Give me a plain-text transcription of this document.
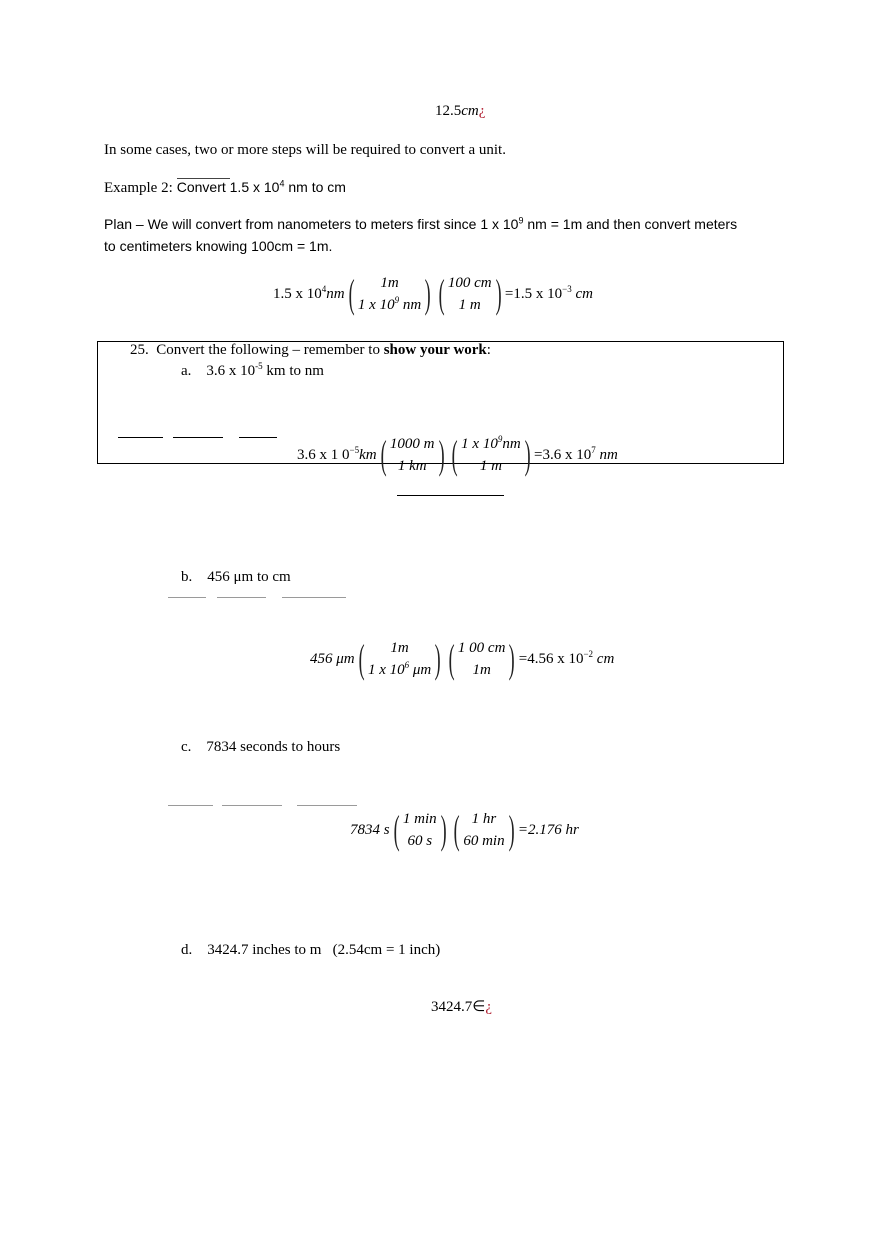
12.5cm¿
In some cases, two or more steps will be required to convert a unit.
Example 2: Convert 1.5 x $10^4$ nm to cm
Plan – We will convert from nanometers to meters first since 1 x $10^9$ nm = 1m and then convert meters
to centimeters knowing 100cm = 1m.
1.5 x $10^4$ nm ( 1m
1 x $10^9$ nm ) ( 100 cm
1 m ) =1.5 x $10^{-3}$ cm
25. Convert the following – remember to show your work:
a. 3.6 x $10^{-5}$ km to nm
3.6 x 1 $0^{-5}$ km ( 1000 m
1 km ) ( 1 x $10^9nm$
1 m ) =3.6 x $10^7$ nm
b. 456 μm to cm
456 μm ( 1m
1 x $10^6$ μm ) ( 1 00 cm
1m ) =4.56 x $10^{-2}$ cm
c. 7834 seconds to hours
7834 s ( 1 min
60 s ) ( 1 hr
60 min ) =2.176 hr
d. 3424.7 inches to m   (2.54cm = 1 inch)
3424.7∈¿
